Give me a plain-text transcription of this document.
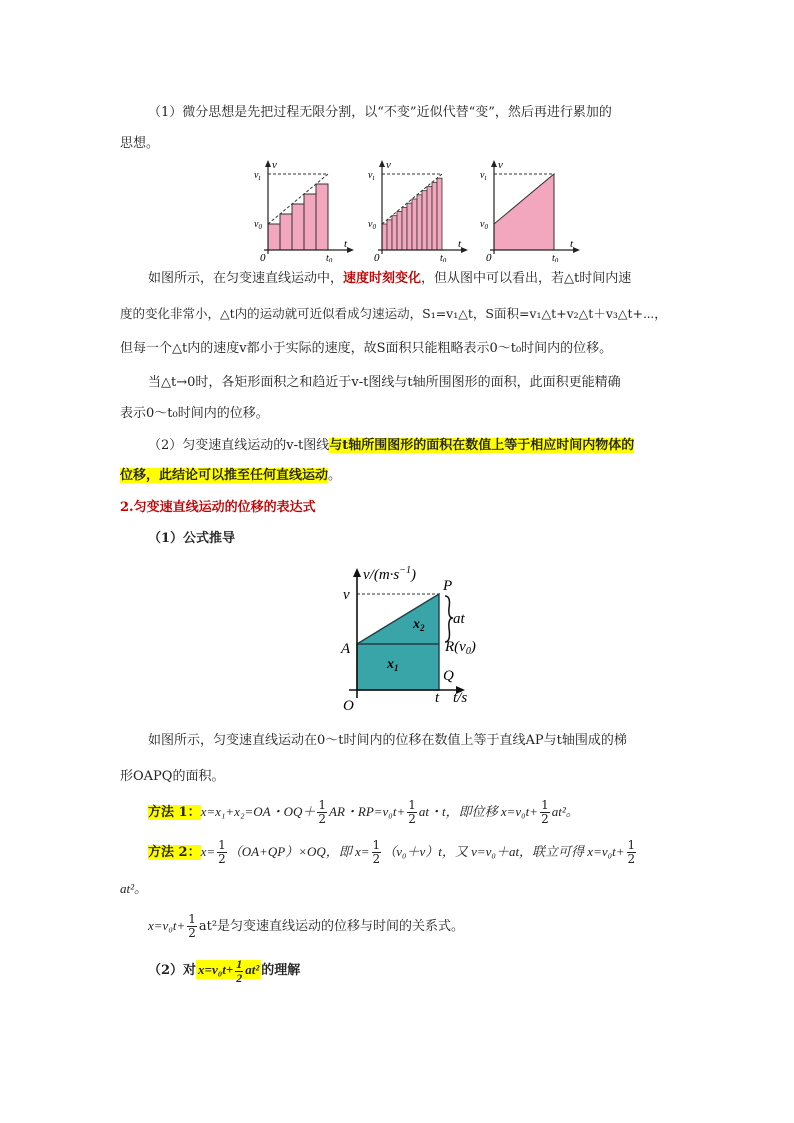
（1）微分思想是先把过程无限分割，以“不变”近似代替“变”，然后再进行累加的
思想。
v
$v_t$
$v_0$
0	$t_0$
t
v
$v_t$
$v_0$
0	$t_0$
t
v
$v_t$
$v_0$
0	$t_0$
t
如图所示，在匀变速直线运动中，速度时刻变化，但从图中可以看出，若△t时间内速
度的变化非常小，△t内的运动就可近似看成匀速运动，S₁=v₁△t，S面积=v₁△t+v₂△t＋v₃△t+⋯，
但每一个△t内的速度v都小于实际的速度，故S面积只能粗略表示0～t₀时间内的位移。
当△t→0时，各矩形面积之和趋近于v-t图线与t轴所围图形的面积，此面积更能精确
表示0～t₀时间内的位移。
（2）匀变速直线运动的v-t图线与t轴所围图形的面积在数值上等于相应时间内物体的
位移，此结论可以推至任何直线运动。
2.匀变速直线运动的位移的表达式
（1）公式推导
$v/(m\cdot s^{-1})$
v
P
at
$x_2$
$R(v_0)$
A
$x_1$	Q
O	t t/s
如图所示，匀变速直线运动在0～t时间内的位移在数值上等于直线AP与t轴围成的梯
形OAPQ的面积。
方法 1：x=x₁+x₂=OA・$OQ+ \frac{1}{2}$ AR・$RP=v_0t+ \frac{1}{2}$ at・t，即位移 $x=v_0t+ \frac{1}{2} at^2$。
方法 2：$x= \frac{1}{2} (OA+QP)\times OQ$，即 $x= \frac{1}{2} (v_0+v)t$，又 v=v₀＋at，联立可得 $x=v_0t+ \frac{1}{2}$
at²。
$x=v_0t+ \frac{1}{2} at^2$是匀变速直线运动的位移与时间的关系式。
（2）对 $x=v_0t+ \frac{1}{2} at^2$ 的理解
